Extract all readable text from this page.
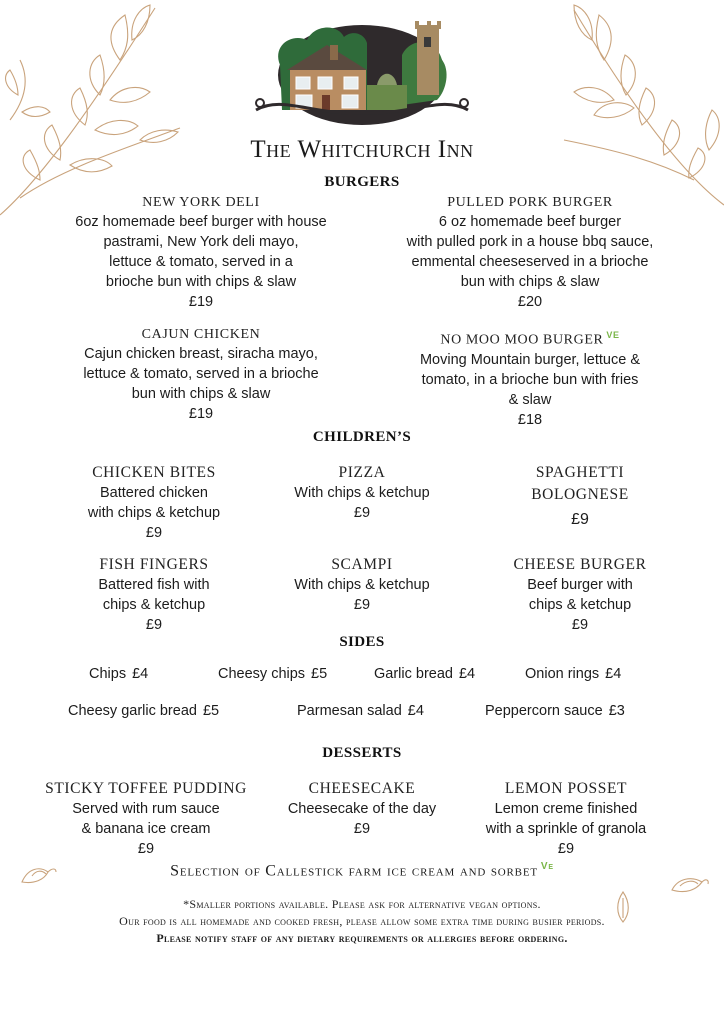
The Whitchurch Inn
BURGERS
NEW YORK DELI
6oz homemade beef burger with house
pastrami, New York deli mayo,
lettuce & tomato, served in a
brioche bun with chips & slaw
£19
PULLED PORK BURGER
6 oz homemade beef burger
with pulled pork in a house bbq sauce,
emmental cheeseserved in a brioche
bun with chips & slaw
£20
CAJUN CHICKEN
Cajun chicken breast, siracha mayo,
lettuce & tomato, served in a brioche
bun with chips & slaw
£19
NO MOO MOO BURGER $^{VE}$
Moving Mountain burger, lettuce &
tomato, in a brioche bun with fries
& slaw
£18
CHILDREN’S
CHICKEN BITES
Battered chicken
with chips & ketchup
£9
PIZZA
With chips & ketchup
£9
SPAGHETTI
BOLOGNESE
£9
FISH FINGERS
Battered fish with
chips & ketchup
£9
SCAMPI
With chips & ketchup
£9
CHEESE BURGER
Beef burger with
chips & ketchup
£9
SIDES
Chips £4	Cheesy chips £5	Garlic bread £4	Onion rings £4
Cheesy garlic bread £5	Parmesan salad £4	Peppercorn sauce £3
DESSERTS
STICKY TOFFEE PUDDING
Served with rum sauce
& banana ice cream
£9
CHEESECAKE
Cheesecake of the day
£9
LEMON POSSET
Lemon creme finished
with a sprinkle of granola
£9
Selection of Callestick farm ice cream and sorbet $^{Ve}$
*Smaller portions available. Please ask for alternative vegan options.
Our food is all homemade and cooked fresh, please allow some extra time during busier periods.
Please notify staff of any dietary requirements or allergies before ordering.
